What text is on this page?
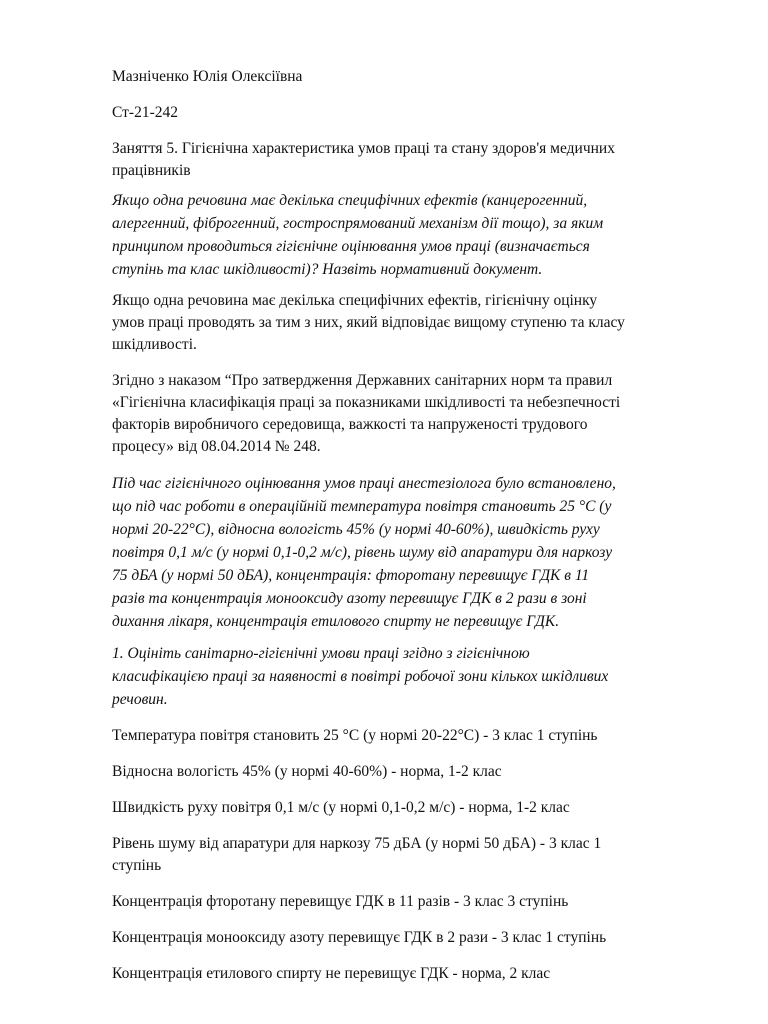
Мазніченко Юлія Олексіївна

Ст-21-242

Заняття 5. Гігієнічна характеристика умов праці та стану здоров'я медичних
працівників

Якщо одна речовина має декілька специфічних ефектів (канцерогенний,
алергенний, фіброгенний, гостроспрямований механізм дії тощо), за яким
принципом проводиться гігієнічне оцінювання умов праці (визначається
ступінь та клас шкідливості)? Назвіть нормативний документ.

Якщо одна речовина має декілька специфічних ефектів, гігієнічну оцінку
умов праці проводять за тим з них, який відповідає вищому ступеню та класу
шкідливості.

Згідно з наказом “Про затвердження Державних санітарних норм та правил
«Гігієнічна класифікація праці за показниками шкідливості та небезпечності
факторів виробничого середовища, важкості та напруженості трудового
процесу» від 08.04.2014 № 248.

Під час гігієнічного оцінювання умов праці анестезіолога було встановлено,
що під час роботи в операційній температура повітря становить 25 °C (у
нормі 20-22°C), відносна вологість 45% (у нормі 40-60%), швидкість руху
повітря 0,1 м/с (у нормі 0,1-0,2 м/с), рівень шуму від апаратури для наркозу
75 дБА (у нормі 50 дБА), концентрація: фторотану перевищує ГДК в 11
разів та концентрація монооксиду азоту перевищує ГДК в 2 рази в зоні
дихання лікаря, концентрація етилового спирту не перевищує ГДК.

1. Оцініть санітарно-гігієнічні умови праці згідно з гігієнічною
класифікацією праці за наявності в повітрі робочої зони кількох шкідливих
речовин.

Температура повітря становить 25 °C (у нормі 20-22°C) - 3 клас 1 ступінь

Відносна вологість 45% (у нормі 40-60%) - норма, 1-2 клас

Швидкість руху повітря 0,1 м/с (у нормі 0,1-0,2 м/с) - норма, 1-2 клас

Рівень шуму від апаратури для наркозу 75 дБА (у нормі 50 дБА) - 3 клас 1
ступінь

Концентрація фторотану перевищує ГДК в 11 разів - 3 клас 3 ступінь

Концентрація монооксиду азоту перевищує ГДК в 2 рази - 3 клас 1 ступінь

Концентрація етилового спирту не перевищує ГДК - норма, 2 клас
